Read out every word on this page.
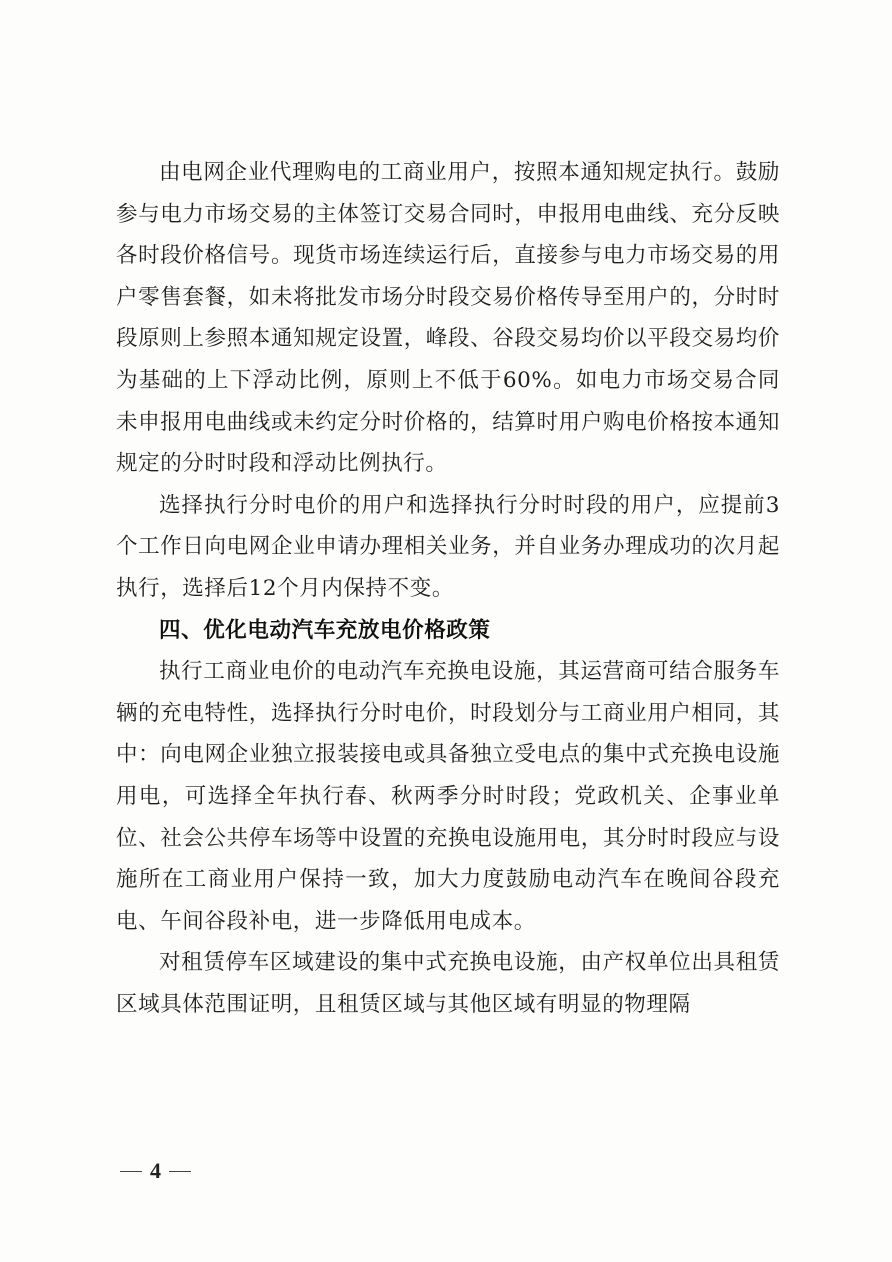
由电网企业代理购电的工商业用户，按照本通知规定执行。鼓励参与电力市场交易的主体签订交易合同时，申报用电曲线、充分反映各时段价格信号。现货市场连续运行后，直接参与电力市场交易的用户零售套餐，如未将批发市场分时段交易价格传导至用户的，分时时段原则上参照本通知规定设置，峰段、谷段交易均价以平段交易均价为基础的上下浮动比例，原则上不低于60%。如电力市场交易合同未申报用电曲线或未约定分时价格的，结算时用户购电价格按本通知规定的分时时段和浮动比例执行。

选择执行分时电价的用户和选择执行分时时段的用户，应提前3个工作日向电网企业申请办理相关业务，并自业务办理成功的次月起执行，选择后12个月内保持不变。

四、优化电动汽车充放电价格政策

执行工商业电价的电动汽车充换电设施，其运营商可结合服务车辆的充电特性，选择执行分时电价，时段划分与工商业用户相同，其中：向电网企业独立报装接电或具备独立受电点的集中式充换电设施用电，可选择全年执行春、秋两季分时时段；党政机关、企事业单位、社会公共停车场等中设置的充换电设施用电，其分时时段应与设施所在工商业用户保持一致，加大力度鼓励电动汽车在晚间谷段充电、午间谷段补电，进一步降低用电成本。

对租赁停车区域建设的集中式充换电设施，由产权单位出具租赁区域具体范围证明，且租赁区域与其他区域有明显的物理隔

4
